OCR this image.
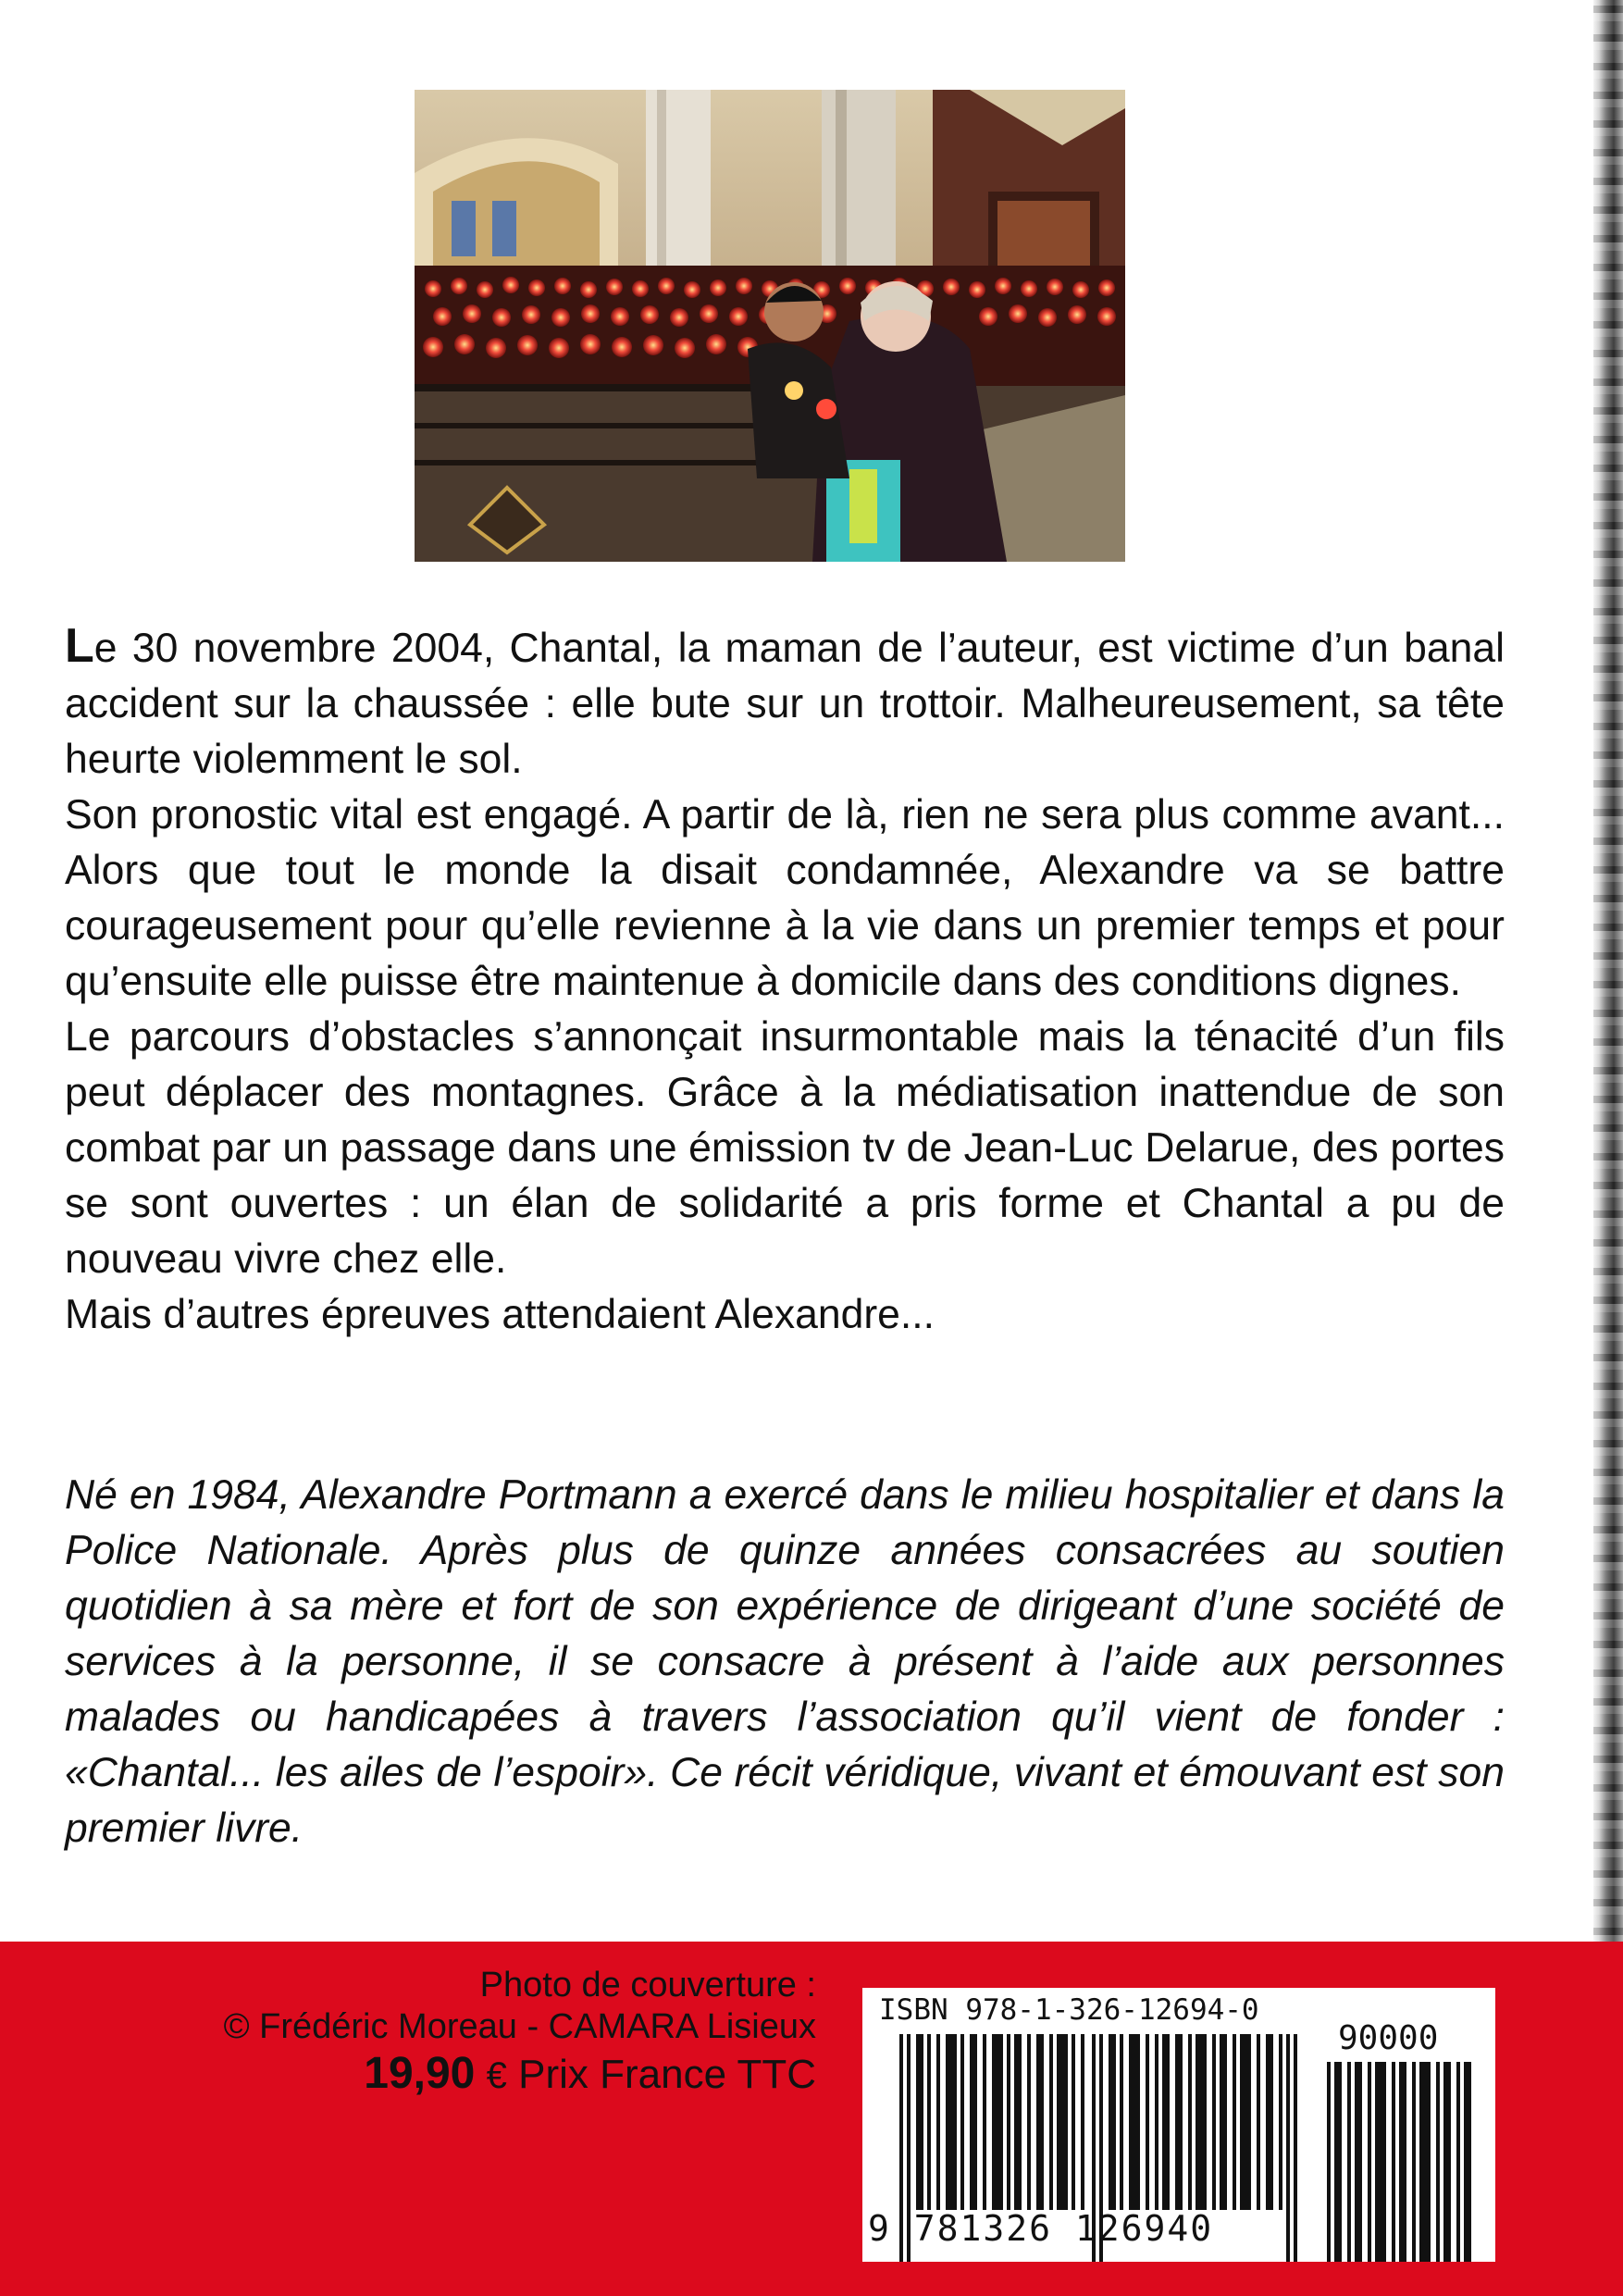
Le 30 novembre 2004, Chantal, la maman de l’auteur, est victime d’un banal accident sur la chaussée : elle bute sur un trottoir. Malheureusement, sa tête heurte violemment le sol.

Son pronostic vital est engagé. A partir de là, rien ne sera plus comme avant... Alors que tout le monde la disait condamnée, Alexandre va se battre courageusement pour qu’elle revienne à la vie dans un premier temps et pour qu’ensuite elle puisse être maintenue à domicile dans des conditions dignes.

Le parcours d’obstacles s’annonçait insurmontable mais la ténacité d’un fils peut déplacer des montagnes. Grâce à la médiatisation inattendue de son combat par un passage dans une émission tv de Jean-Luc Delarue, des portes se sont ouvertes : un élan de solidarité a pris forme et Chantal a pu de nouveau vivre chez elle.

Mais d’autres épreuves attendaient Alexandre...

Né en 1984, Alexandre Portmann a exercé dans le milieu hospitalier et dans la Police Nationale. Après plus de quinze années consacrées au soutien quotidien à sa mère et fort de son expérience de dirigeant d’une société de services à la personne, il se consacre à présent à l’aide aux personnes malades ou handicapées à travers l’association qu’il vient de fonder : «Chantal... les ailes de l’espoir». Ce récit véridique, vivant et émouvant est son premier livre.

Photo de couverture :
© Frédéric Moreau - CAMARA Lisieux
19,90 € Prix France TTC
ISBN 978-1-326-12694-0
90000
9 781326 126940
